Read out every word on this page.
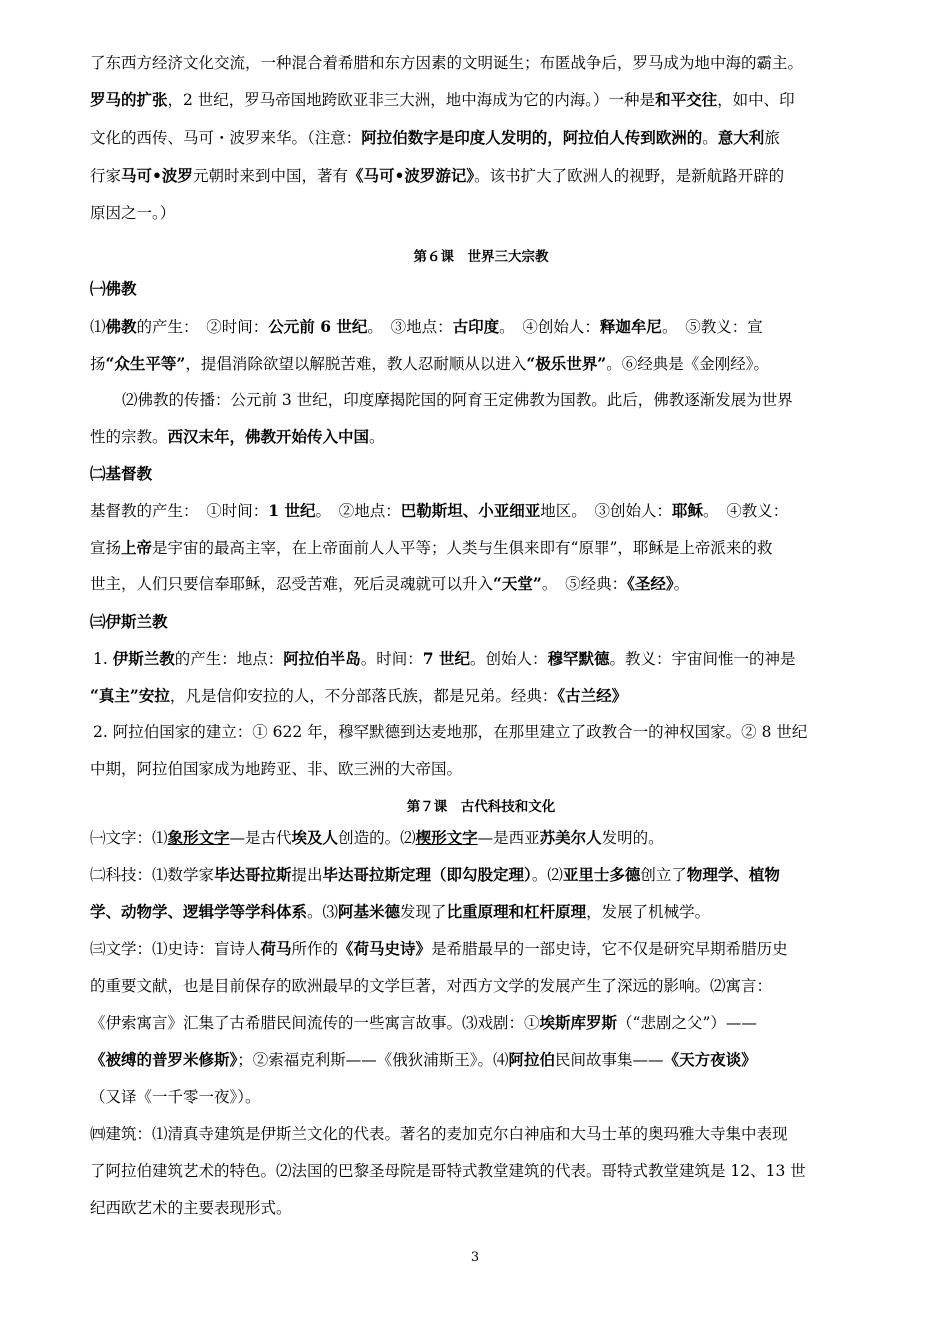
了东西方经济文化交流，一种混合着希腊和东方因素的文明诞生；布匿战争后，罗马成为地中海的霸主。
罗马的扩张，2 世纪，罗马帝国地跨欧亚非三大洲，地中海成为它的内海。）一种是和平交往，如中、印
文化的西传、马可・波罗来华。（注意：阿拉伯数字是印度人发明的，阿拉伯人传到欧洲的。意大利旅
行家马可•波罗元朝时来到中国，著有《马可•波罗游记》。该书扩大了欧洲人的视野，是新航路开辟的
原因之一。）
第６课　世界三大宗教
㈠佛教
⑴佛教的产生：　②时间：公元前 6 世纪。　③地点：古印度。　④创始人：释迦牟尼。　⑤教义：宣
扬“众生平等”，提倡消除欲望以解脱苦难，教人忍耐顺从以进入“极乐世界”。⑥经典是《金刚经》。
⑵佛教的传播：公元前 3 世纪，印度摩揭陀国的阿育王定佛教为国教。此后，佛教逐渐发展为世界
性的宗教。西汉末年，佛教开始传入中国。
㈡基督教
基督教的产生：　①时间：1 世纪。　②地点：巴勒斯坦、小亚细亚地区。　③创始人：耶稣。　④教义：
宣扬上帝是宇宙的最高主宰，在上帝面前人人平等；人类与生俱来即有“原罪”，耶稣是上帝派来的救
世主，人们只要信奉耶稣，忍受苦难，死后灵魂就可以升入“天堂”。　⑤经典：《圣经》。
㈢伊斯兰教
1. 伊斯兰教的产生：地点：阿拉伯半岛。时间：7 世纪。创始人：穆罕默德。教义：宇宙间惟一的神是
“真主”安拉，凡是信仰安拉的人，不分部落氏族，都是兄弟。经典：《古兰经》
2. 阿拉伯国家的建立：① 622 年，穆罕默德到达麦地那，在那里建立了政教合一的神权国家。② 8 世纪
中期，阿拉伯国家成为地跨亚、非、欧三洲的大帝国。
第７课　古代科技和文化
㈠文字：⑴象形文字—是古代埃及人创造的。⑵楔形文字—是西亚苏美尔人发明的。
㈡科技：⑴数学家毕达哥拉斯提出毕达哥拉斯定理（即勾股定理）。⑵亚里士多德创立了物理学、植物
学、动物学、逻辑学等学科体系。⑶阿基米德发现了比重原理和杠杆原理，发展了机械学。
㈢文学：⑴史诗：盲诗人荷马所作的《荷马史诗》是希腊最早的一部史诗，它不仅是研究早期希腊历史
的重要文献，也是目前保存的欧洲最早的文学巨著，对西方文学的发展产生了深远的影响。⑵寓言：
《伊索寓言》汇集了古希腊民间流传的一些寓言故事。⑶戏剧：①埃斯库罗斯（“悲剧之父”）——
《被缚的普罗米修斯》；②索福克利斯——《俄狄浦斯王》。⑷阿拉伯民间故事集——《天方夜谈》
（又译《一千零一夜》）。
㈣建筑：⑴清真寺建筑是伊斯兰文化的代表。著名的麦加克尔白神庙和大马士革的奥玛雅大寺集中表现
了阿拉伯建筑艺术的特色。⑵法国的巴黎圣母院是哥特式教堂建筑的代表。哥特式教堂建筑是 12、13 世
纪西欧艺术的主要表现形式。
3
